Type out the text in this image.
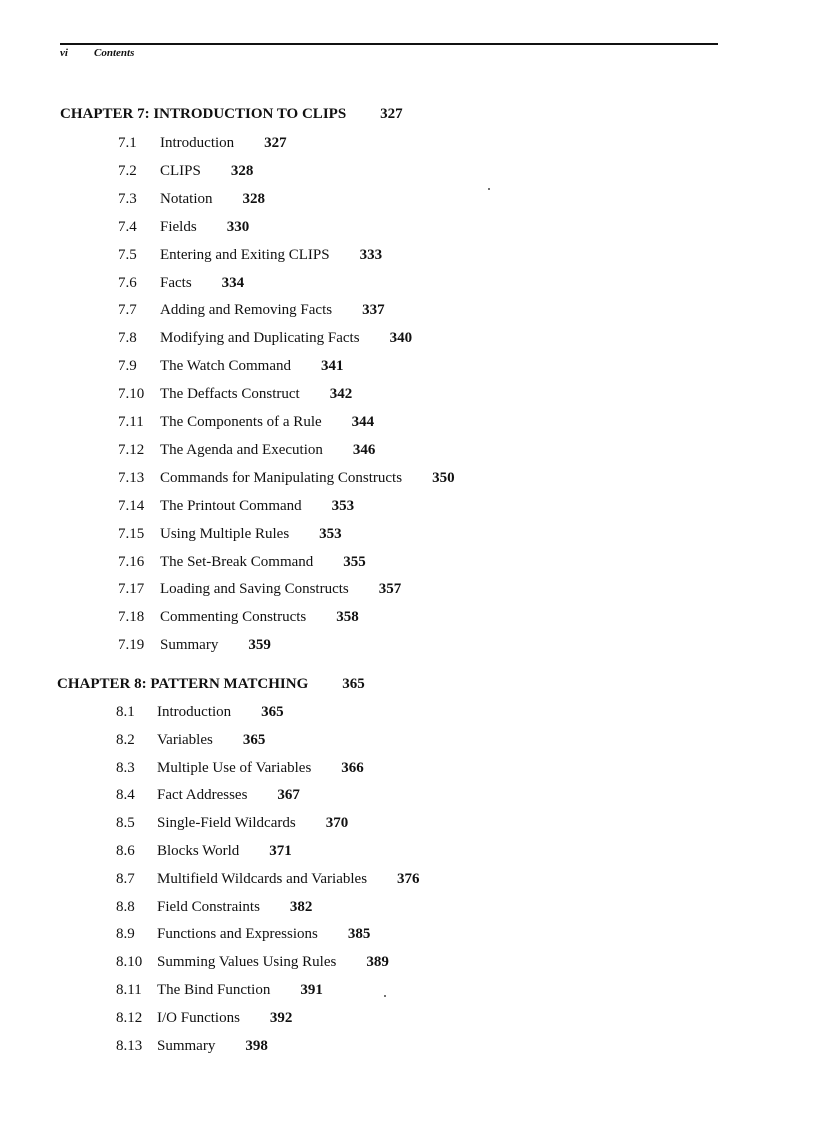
vi Contents
CHAPTER 7: INTRODUCTION TO CLIPS 327
7.1 Introduction 327
7.2 CLIPS 328
7.3 Notation 328
7.4 Fields 330
7.5 Entering and Exiting CLIPS 333
7.6 Facts 334
7.7 Adding and Removing Facts 337
7.8 Modifying and Duplicating Facts 340
7.9 The Watch Command 341
7.10 The Deffacts Construct 342
7.11 The Components of a Rule 344
7.12 The Agenda and Execution 346
7.13 Commands for Manipulating Constructs 350
7.14 The Printout Command 353
7.15 Using Multiple Rules 353
7.16 The Set-Break Command 355
7.17 Loading and Saving Constructs 357
7.18 Commenting Constructs 358
7.19 Summary 359
CHAPTER 8: PATTERN MATCHING 365
8.1 Introduction 365
8.2 Variables 365
8.3 Multiple Use of Variables 366
8.4 Fact Addresses 367
8.5 Single-Field Wildcards 370
8.6 Blocks World 371
8.7 Multifield Wildcards and Variables 376
8.8 Field Constraints 382
8.9 Functions and Expressions 385
8.10 Summing Values Using Rules 389
8.11 The Bind Function 391
8.12 I/O Functions 392
8.13 Summary 398
